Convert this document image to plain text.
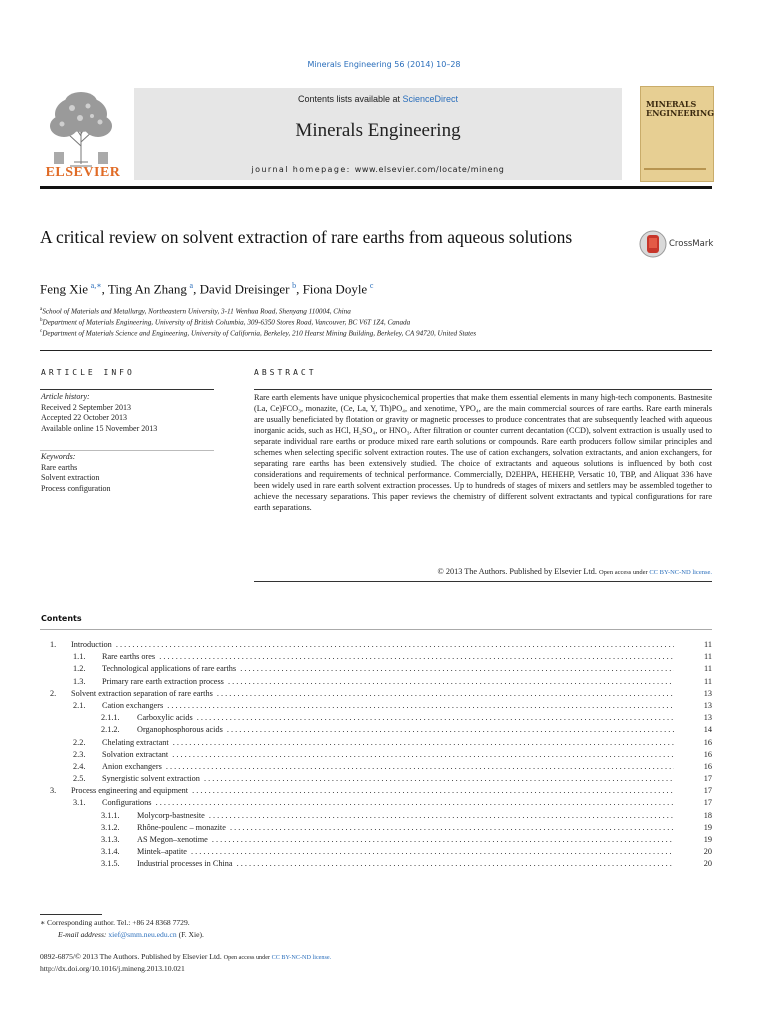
Minerals Engineering 56 (2014) 10–28
ELSEVIER
Contents lists available at ScienceDirect
Minerals Engineering
journal homepage: www.elsevier.com/locate/mineng
MINERALS
ENGINEERING
A critical review on solvent extraction of rare earths from aqueous solutions	CrossMark
Feng Xie  $^{a,∗}$, Ting An Zhang  $^a$, David Dreisinger  $^b$, Fiona Doyle  $^c$
$^a$School of Materials and Metallurgy, Northeastern University, 3-11 Wenhua Road, Shenyang 110004, China
$^b$Department of Materials Engineering, University of British Columbia, 309-6350 Stores Road, Vancouver, BC V6T 1Z4, Canada
$^c$Department of Materials Science and Engineering, University of California, Berkeley, 210 Hearst Mining Building, Berkeley, CA 94720, United States
ARTICLE INFO
Article history:
Received 2 September 2013
Accepted 22 October 2013
Available online 15 November 2013
Keywords:
Rare earths
Solvent extraction
Process configuration
ABSTRACT
Rare earth elements have unique physicochemical properties that make them essential elements in many high-tech components. Bastnesite (La, Ce)FCO₃, monazite, (Ce, La, Y, Th)PO₄, and xenotime, YPO₄, are the main commercial sources of rare earths. Rare earth minerals are usually beneficiated by flotation or gravity or magnetic processes to produce concentrates that are subsequently leached with aqueous inorganic acids, such as HCl, H₂SO₄, or HNO₃. After filtration or counter current decantation (CCD), solvent extraction is usually used to separate individual rare earths or produce mixed rare earth solutions or compounds. Rare earth producers follow similar principles and schemes when selecting specific solvent extraction routes. The use of cation exchangers, solvation extractants, and anion exchangers, for separating rare earths has been extensively studied. The choice of extractants and aqueous solutions is influenced by both cost considerations and requirements of technical performance. Commercially, D2EHPA, HEHEHP, Versatic 10, TBP, and Aliquat 336 have been widely used in rare earth solvent extraction processes. Up to hundreds of stages of mixers and settlers may be assembled together to achieve the necessary separations. This paper reviews the chemistry of different solvent extractants and typical configurations for rare earth separations.
© 2013 The Authors. Published by Elsevier Ltd. Open access under CC BY-NC-ND license.
Contents
1. Introduction . . .	11
1.1. Rare earths ores . . .	11
1.2. Technological applications of rare earths . . .	11
1.3. Primary rare earth extraction process . . .	11
2. Solvent extraction separation of rare earths . . .	13
2.1. Cation exchangers . . .	13
2.1.1. Carboxylic acids . . .	13
2.1.2. Organophosphorous acids . . .	14
2.2. Chelating extractant . . .	16
2.3. Solvation extractant . . .	16
2.4. Anion exchangers . . .	16
2.5. Synergistic solvent extraction . . .	17
3. Process engineering and equipment . . .	17
3.1. Configurations . . .	17
3.1.1. Molycorp-bastnesite . . .	18
3.1.2. Rhône-poulenc – monazite . . .	19
3.1.3. AS Megon–xenotime . . .	19
3.1.4. Mintek–apatite . . .	20
3.1.5. Industrial processes in China . . .	20
∗ Corresponding author. Tel.: +86 24 8368 7729.
E-mail address: xief@smm.neu.edu.cn (F. Xie).
0892-6875/© 2013 The Authors. Published by Elsevier Ltd. Open access under CC BY-NC-ND license.
http://dx.doi.org/10.1016/j.mineng.2013.10.021
